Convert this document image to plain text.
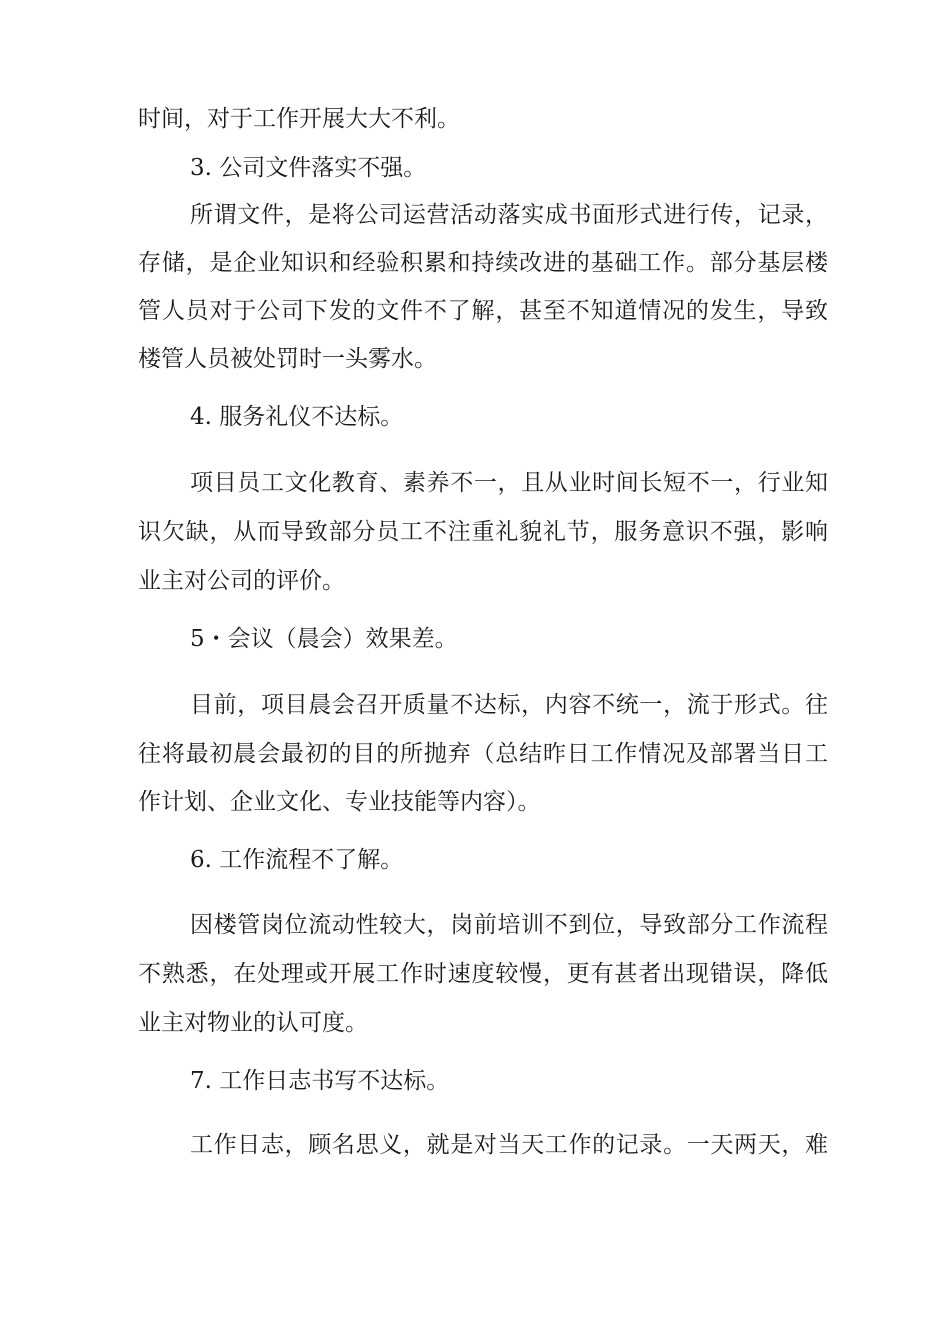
时间，对于工作开展大大不利。
3. 公司文件落实不强。
所谓文件，是将公司运营活动落实成书面形式进行传，记录，
存储，是企业知识和经验积累和持续改进的基础工作。部分基层楼
管人员对于公司下发的文件不了解，甚至不知道情况的发生，导致
楼管人员被处罚时一头雾水。
4. 服务礼仪不达标。
项目员工文化教育、素养不一，且从业时间长短不一，行业知
识欠缺，从而导致部分员工不注重礼貌礼节，服务意识不强，影响
业主对公司的评价。
5・会议（晨会）效果差。
目前，项目晨会召开质量不达标，内容不统一，流于形式。往
往将最初晨会最初的目的所抛弃（总结昨日工作情况及部署当日工
作计划、企业文化、专业技能等内容）。
6. 工作流程不了解。
因楼管岗位流动性较大，岗前培训不到位，导致部分工作流程
不熟悉，在处理或开展工作时速度较慢，更有甚者出现错误，降低
业主对物业的认可度。
7. 工作日志书写不达标。
工作日志，顾名思义，就是对当天工作的记录。一天两天，难
